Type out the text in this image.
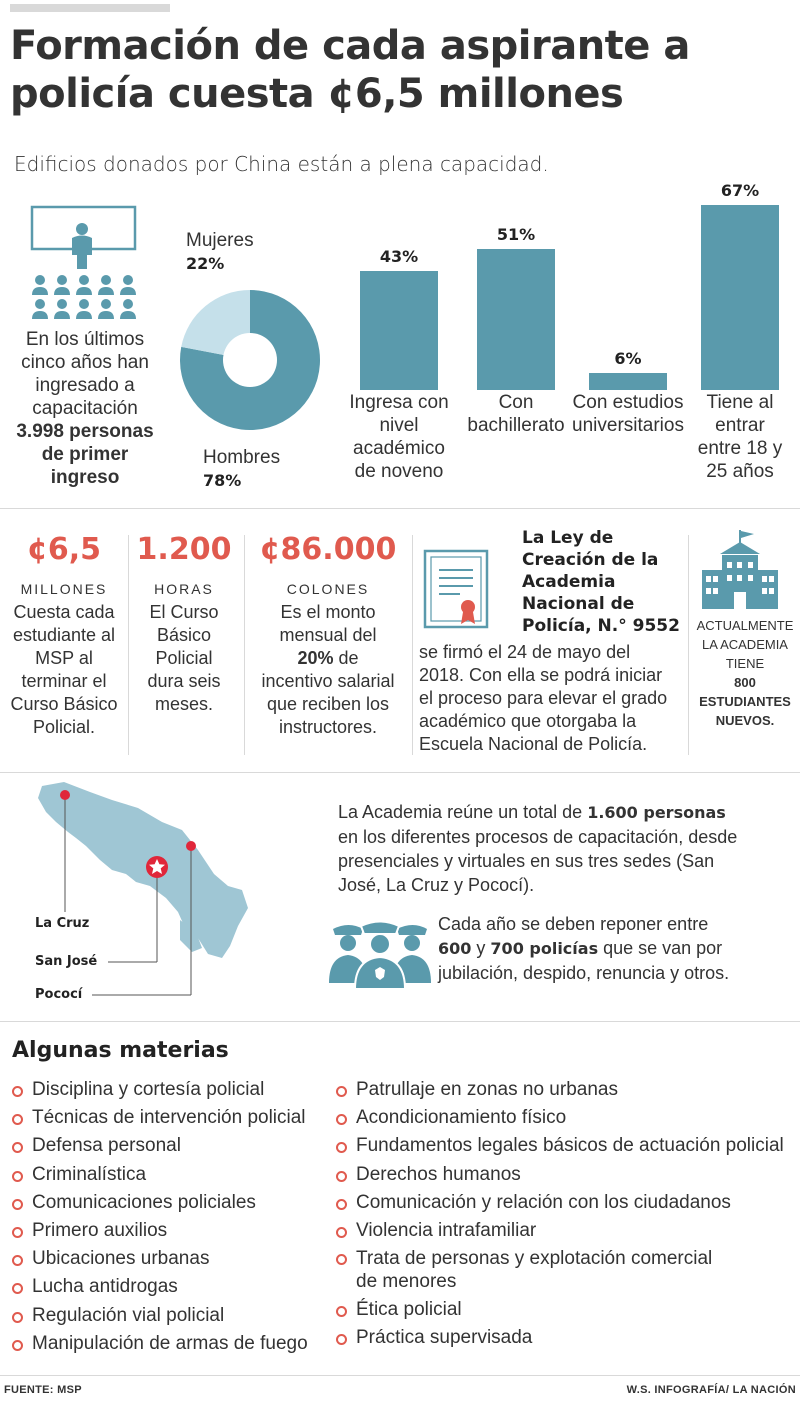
Formación de cada aspirante a
policía cuesta ¢6,5 millones
Edificios donados por China están a plena capacidad.
En los últimos
cinco años han
ingresado a
capacitación
3.998 personas
de primer
ingreso
Mujeres
22%
Hombres
78%
43%
Ingresa con
nivel
académico
de noveno
51%
Con
bachillerato
6%
Con estudios
universitarios
67%
Tiene al
entrar
entre 18 y
25 años
¢6,5
MILLONES
Cuesta cada
estudiante al
MSP al
terminar el
Curso Básico
Policial.
1.200
HORAS
El Curso
Básico
Policial
dura seis
meses.
¢86.000
COLONES
Es el monto
mensual del
20% de
incentivo salarial
que reciben los
instructores.
La Ley de
Creación de la
Academia
Nacional de
Policía, N.° 9552
se firmó el 24 de mayo del
2018. Con ella se podrá iniciar
el proceso para elevar el grado
académico que otorgaba la
Escuela Nacional de Policía.
ACTUALMENTE
LA ACADEMIA
TIENE
800
ESTUDIANTES
NUEVOS.
La Cruz
San José
Pococí
La Academia reúne un total de 1.600 personas
en los diferentes procesos de capacitación, desde
presenciales y virtuales en sus tres sedes (San
José, La Cruz y Pococí).
Cada año se deben reponer entre
600 y 700 policías que se van por
jubilación, despido, renuncia y otros.
Algunas materias
Disciplina y cortesía policial
Técnicas de intervención policial
Defensa personal
Criminalística
Comunicaciones policiales
Primero auxilios
Ubicaciones urbanas
Lucha antidrogas
Regulación vial policial
Manipulación de armas de fuego
Patrullaje en zonas no urbanas
Acondicionamiento físico
Fundamentos legales básicos de actuación policial
Derechos humanos
Comunicación y relación con los ciudadanos
Violencia intrafamiliar
Trata de personas y explotación comercial
de menores
Ética policial
Práctica supervisada
FUENTE: MSP	W.S. INFOGRAFÍA/ LA NACIÓN
